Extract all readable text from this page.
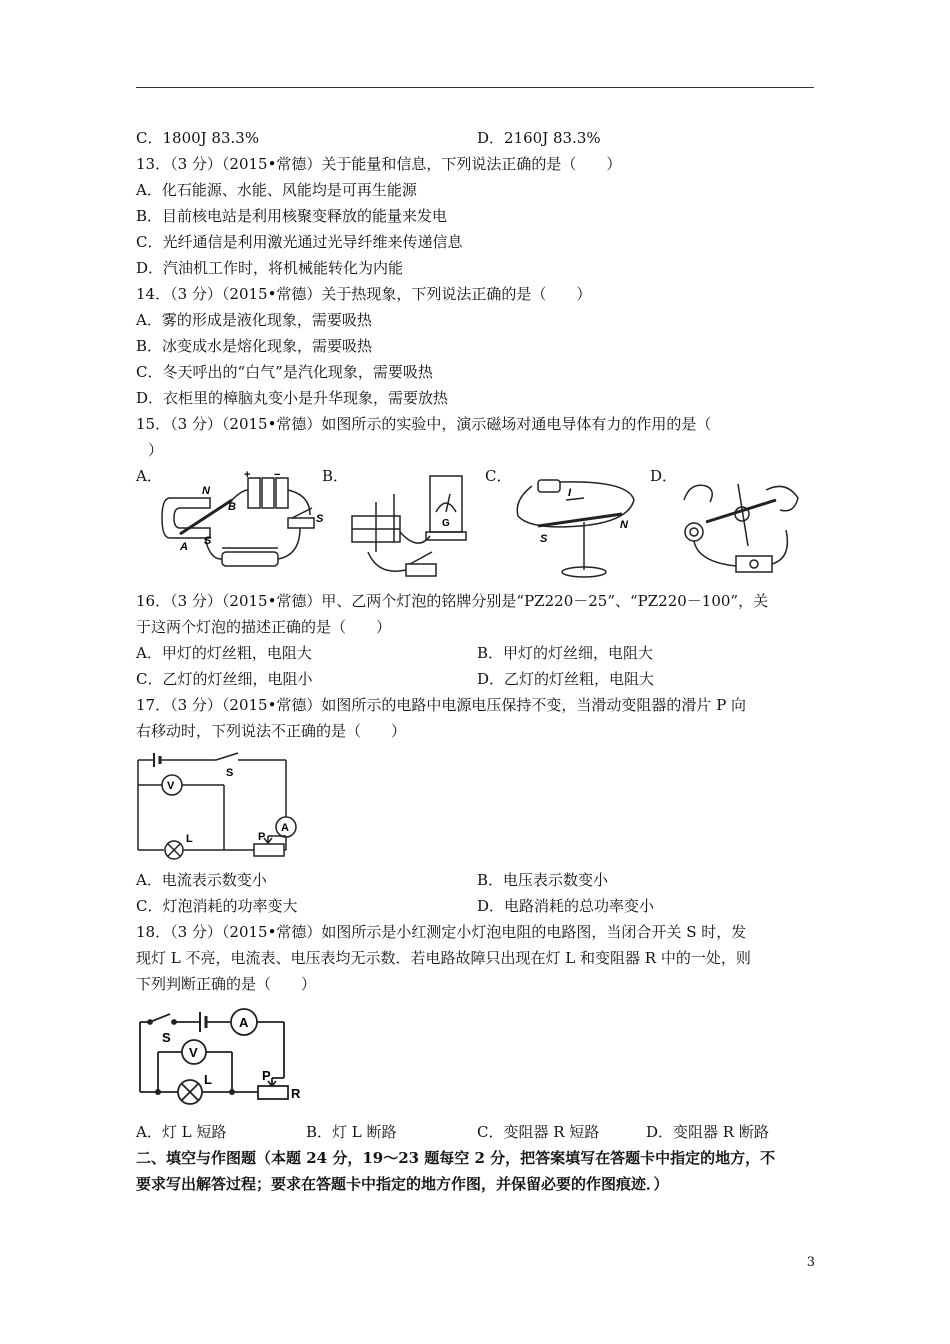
C．1800J 83.3%	D．2160J 83.3%
13．（3 分）（2015•常德）关于能量和信息，下列说法正确的是（　　）
A．化石能源、水能、风能均是可再生能源
B．目前核电站是利用核聚变释放的能量来发电
C．光纤通信是利用激光通过光导纤维来传递信息
D．汽油机工作时，将机械能转化为内能
14．（3 分）（2015•常德）关于热现象，下列说法正确的是（　　）
A．雾的形成是液化现象，需要吸热
B．冰变成水是熔化现象，需要吸热
C．冬天呼出的“白气”是汽化现象，需要吸热
D．衣柜里的樟脑丸变小是升华现象，需要放热
15．（3 分）（2015•常德）如图所示的实验中，演示磁场对通电导体有力的作用的是（
）
A．	B．	C．	D．
N
B
A S
S
+ −
G
I
S
N
16．（3 分）（2015•常德）甲、乙两个灯泡的铭牌分别是“PZ220－25”、“PZ220－100”，关
于这两个灯泡的描述正确的是（　　）
A．甲灯的灯丝粗，电阻大	B．甲灯的灯丝细，电阻大
C．乙灯的灯丝细，电阻小	D．乙灯的灯丝粗，电阻大
17．（3 分）（2015•常德）如图所示的电路中电源电压保持不变，当滑动变阻器的滑片 P 向
右移动时，下列说法不正确的是（　　）
S
A
V
L	P
A．电流表示数变小	B．电压表示数变小
C．灯泡消耗的功率变大	D．电路消耗的总功率变小
18．（3 分）（2015•常德）如图所示是小红测定小灯泡电阻的电路图，当闭合开关 S 时，发
现灯 L 不亮，电流表、电压表均无示数．若电路故障只出现在灯 L 和变阻器 R 中的一处，则
下列判断正确的是（　　）
S
A
V
L	P
R
A．灯 L 短路	B．灯 L 断路	C．变阻器 R 短路	D．变阻器 R 断路
二、填空与作图题（本题 24 分，19～23 题每空 2 分，把答案填写在答题卡中指定的地方，不
要求写出解答过程；要求在答题卡中指定的地方作图，并保留必要的作图痕迹．）
3
